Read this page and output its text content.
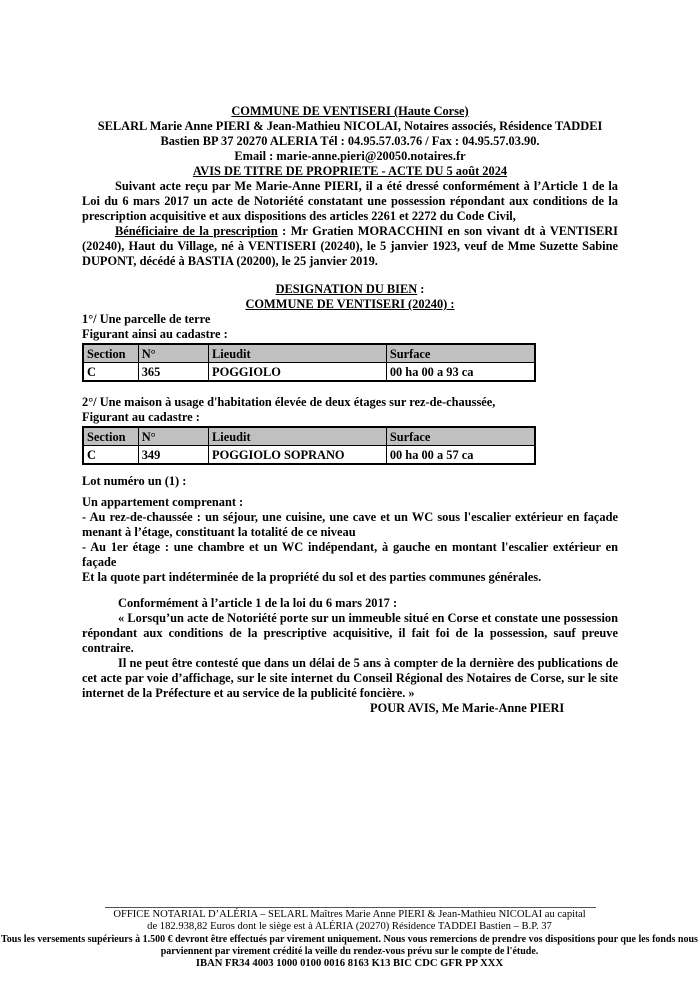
COMMUNE DE VENTISERI (Haute Corse)
SELARL Marie Anne PIERI & Jean-Mathieu NICOLAI, Notaires associés, Résidence TADDEI
Bastien BP 37 20270 ALERIA Tél : 04.95.57.03.76 / Fax : 04.95.57.03.90.
Email : marie-anne.pieri@20050.notaires.fr
AVIS DE TITRE DE PROPRIETE - ACTE DU 5 août 2024

Suivant acte reçu par Me Marie-Anne PIERI, il a été dressé conformément à l’Article 1 de la Loi du 6 mars 2017 un acte de Notoriété constatant une possession répondant aux conditions de la prescription acquisitive et aux dispositions des articles 2261 et 2272 du Code Civil,

Bénéficiaire de la prescription : Mr Gratien MORACCHINI en son vivant dt à VENTISERI (20240), Haut du Village, né à VENTISERI (20240), le 5 janvier 1923, veuf de Mme Suzette Sabine DUPONT, décédé à BASTIA (20200), le 25 janvier 2019.

DESIGNATION DU BIEN :
COMMUNE DE VENTISERI (20240) :
1°/ Une parcelle de terre
Figurant ainsi au cadastre :
Section	N°	Lieudit	Surface
C	365	POGGIOLO	00 ha 00 a 93 ca
2°/ Une maison à usage d'habitation élevée de deux étages sur rez-de-chaussée,
Figurant au cadastre :
Section	N°	Lieudit	Surface
C	349	POGGIOLO SOPRANO	00 ha 00 a 57 ca
Lot numéro un (1) :
Un appartement comprenant :

- Au rez-de-chaussée : un séjour, une cuisine, une cave et un WC sous l'escalier extérieur en façade menant à l’étage, constituant la totalité de ce niveau

- Au 1er étage : une chambre et un WC indépendant, à gauche en montant l'escalier extérieur en façade

Et la quote part indéterminée de la propriété du sol et des parties communes générales.

Conformément à l’article 1 de la loi du 6 mars 2017 :

« Lorsqu’un acte de Notoriété porte sur un immeuble situé en Corse et constate une possession répondant aux conditions de la prescriptive acquisitive, il fait foi de la possession, sauf preuve contraire.

Il ne peut être contesté que dans un délai de 5 ans à compter de la dernière des publications de cet acte par voie d’affichage, sur le site internet du Conseil Régional des Notaires de Corse, sur le site internet de la Préfecture et au service de la publicité foncière. »

POUR AVIS, Me Marie-Anne PIERI
OFFICE NOTARIAL D’ALÉRIA – SELARL Maîtres Marie Anne PIERI & Jean-Mathieu NICOLAI au capital
de 182.938,82 Euros dont le siège est à ALÉRIA (20270) Résidence TADDEI Bastien – B.P. 37
Tous les versements supérieurs à 1.500 € devront être effectués par virement uniquement. Nous vous remercions de prendre vos dispositions pour que les fonds nous parviennent par virement crédité la veille du rendez-vous prévu sur le compte de l'étude.
IBAN FR34 4003 1000 0100 0016 8163 K13 BIC CDC GFR PP XXX
